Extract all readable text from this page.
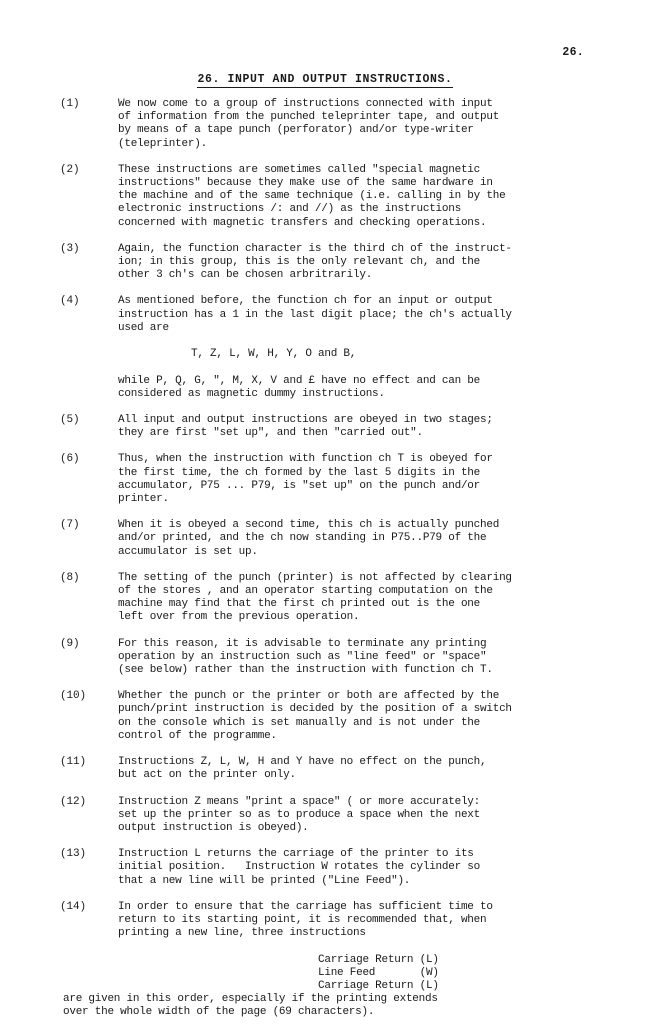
26.
26. INPUT AND OUTPUT INSTRUCTIONS.
(1)	We now come to a group of instructions connected with input
of information from the punched teleprinter tape, and output
by means of a tape punch (perforator) and/or type-writer
(teleprinter).
(2)	These instructions are sometimes called "special magnetic
instructions" because they make use of the same hardware in
the machine and of the same technique (i.e. calling in by the
electronic instructions /: and //) as the instructions
concerned with magnetic transfers and checking operations.
(3)	Again, the function character is the third ch of the instruct-
ion; in this group, this is the only relevant ch, and the
other 3 ch's can be chosen arbritrarily.
(4)	As mentioned before, the function ch for an input or output
instruction has a 1 in the last digit place; the ch's actually
used are

T, Z, L, W, H, Y, O and B,

while P, Q, G, ", M, X, V and £ have no effect and can be
considered as magnetic dummy instructions.
(5)	All input and output instructions are obeyed in two stages;
they are first "set up", and then "carried out".
(6)	Thus, when the instruction with function ch T is obeyed for
the first time, the ch formed by the last 5 digits in the
accumulator, P75 ... P79, is "set up" on the punch and/or
printer.
(7)	When it is obeyed a second time, this ch is actually punched
and/or printed, and the ch now standing in P75..P79 of the
accumulator is set up.
(8)	The setting of the punch (printer) is not affected by clearing
of the stores , and an operator starting computation on the
machine may find that the first ch printed out is the one
left over from the previous operation.
(9)	For this reason, it is advisable to terminate any printing
operation by an instruction such as "line feed" or "space"
(see below) rather than the instruction with function ch T.
(10)	Whether the punch or the printer or both are affected by the
punch/print instruction is decided by the position of a switch
on the console which is set manually and is not under the
control of the programme.
(11)	Instructions Z, L, W, H and Y have no effect on the punch,
but act on the printer only.
(12)	Instruction Z means "print a space" ( or more accurately:
set up the printer so as to produce a space when the next
output instruction is obeyed).
(13)	Instruction L returns the carriage of the printer to its
initial position.   Instruction W rotates the cylinder so
that a new line will be printed ("Line Feed").
(14)	In order to ensure that the carriage has sufficient time to
return to its starting point, it is recommended that, when
printing a new line, three instructions

Carriage Return (L)
Line Feed       (W)
Carriage Return (L)
are given in this order, especially if the printing extends
over the whole width of the page (69 characters).
